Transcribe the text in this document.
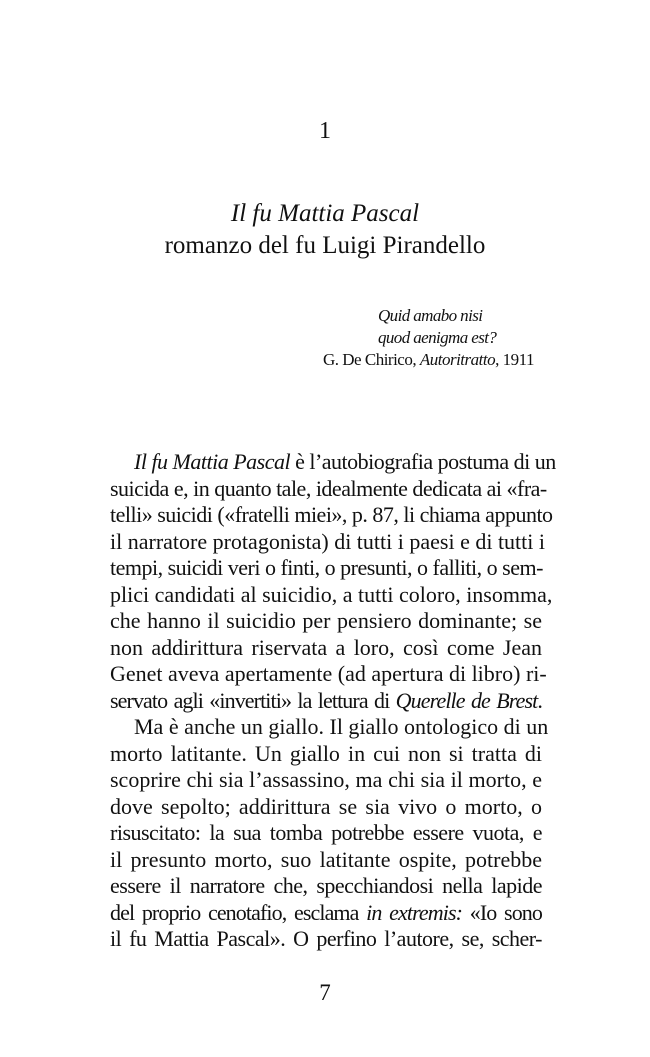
1
Il fu Mattia Pascal
romanzo del fu Luigi Pirandello
Quid amabo nisi
quod aenigma est?
G. De Chirico, Autoritratto, 1911
Il fu Mattia Pascal è l’autobiografia postuma di un
suicida e, in quanto tale, idealmente dedicata ai «fra-
telli» suicidi («fratelli miei», p. 87, li chiama appunto
il narratore protagonista) di tutti i paesi e di tutti i
tempi, suicidi veri o finti, o presunti, o falliti, o sem-
plici candidati al suicidio, a tutti coloro, insomma,
che hanno il suicidio per pensiero dominante; se
non addirittura riservata a loro, così come Jean
Genet aveva apertamente (ad apertura di libro) ri-
servato agli «invertiti» la lettura di Querelle de Brest.
Ma è anche un giallo. Il giallo ontologico di un
morto latitante. Un giallo in cui non si tratta di
scoprire chi sia l’assassino, ma chi sia il morto, e
dove sepolto; addirittura se sia vivo o morto, o
risuscitato: la sua tomba potrebbe essere vuota, e
il presunto morto, suo latitante ospite, potrebbe
essere il narratore che, specchiandosi nella lapide
del proprio cenotafio, esclama in extremis: «Io sono
il fu Mattia Pascal». O perfino l’autore, se, scher-
7
